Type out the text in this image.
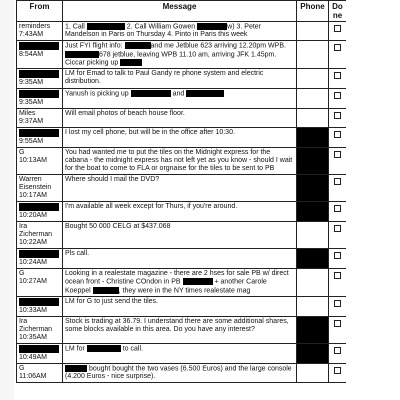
From	Message	Phone	Done

reminders
7:43AM	1. Call 2. Call William Gowen w) 3. Peter Mandelson in Paris on Thursday 4. Pinto in Paris this week		

8:54AM	Just FYI flight info: and me Jetblue 623 arriving 12.20pm WPB. 678 jetblue, leaving WPB 11.10 am, arriving JFK 1.45pm. Ciccar picking up		

9:35AM	LM for Emad to talk to Paul Gandy re phone system and electric distribution.		

9:35AM	Yanush is picking up and		

Miles
9:37AM	Will email photos of beach house floor.		

9:55AM	I lost my cell phone, but will be in the office after 10:30.		

G
10:13AM	You had wanted me to put the tiles on the Midnight express for the cabana - the midnight express has not left yet as you know - should I wait for the boat to come to FLA or orgnaise for the tiles to be sent to PB		

Warren
Eisenstein
10:17AM	Where should I mail the DVD?		

10:20AM	I'm available all week except for Thurs, if you're around.		

Ira
Zicherman
10:22AM	Bought 50 000 CELG at $437.068		

10:24AM	Pls call.		

G
10:27AM	Looking in a realestate magazine - there are 2 hses for sale PB w/ direct ocean front - Christine COndon in PB + another Carole Koeppel , they were in the NY times realestate mag		

10:33AM	LM for G to just send the tiles.		

Ira
Zicherman
10:35AM	Stock is trading at 36.79. I understand there are some additional shares, some blocks available in this area. Do you have any interest?		

10:49AM	LM for to call.		

G
11:06AM	bought bought the two vases (6.500 Euros) and the large console (4.200 Euros - nice surprise).		
